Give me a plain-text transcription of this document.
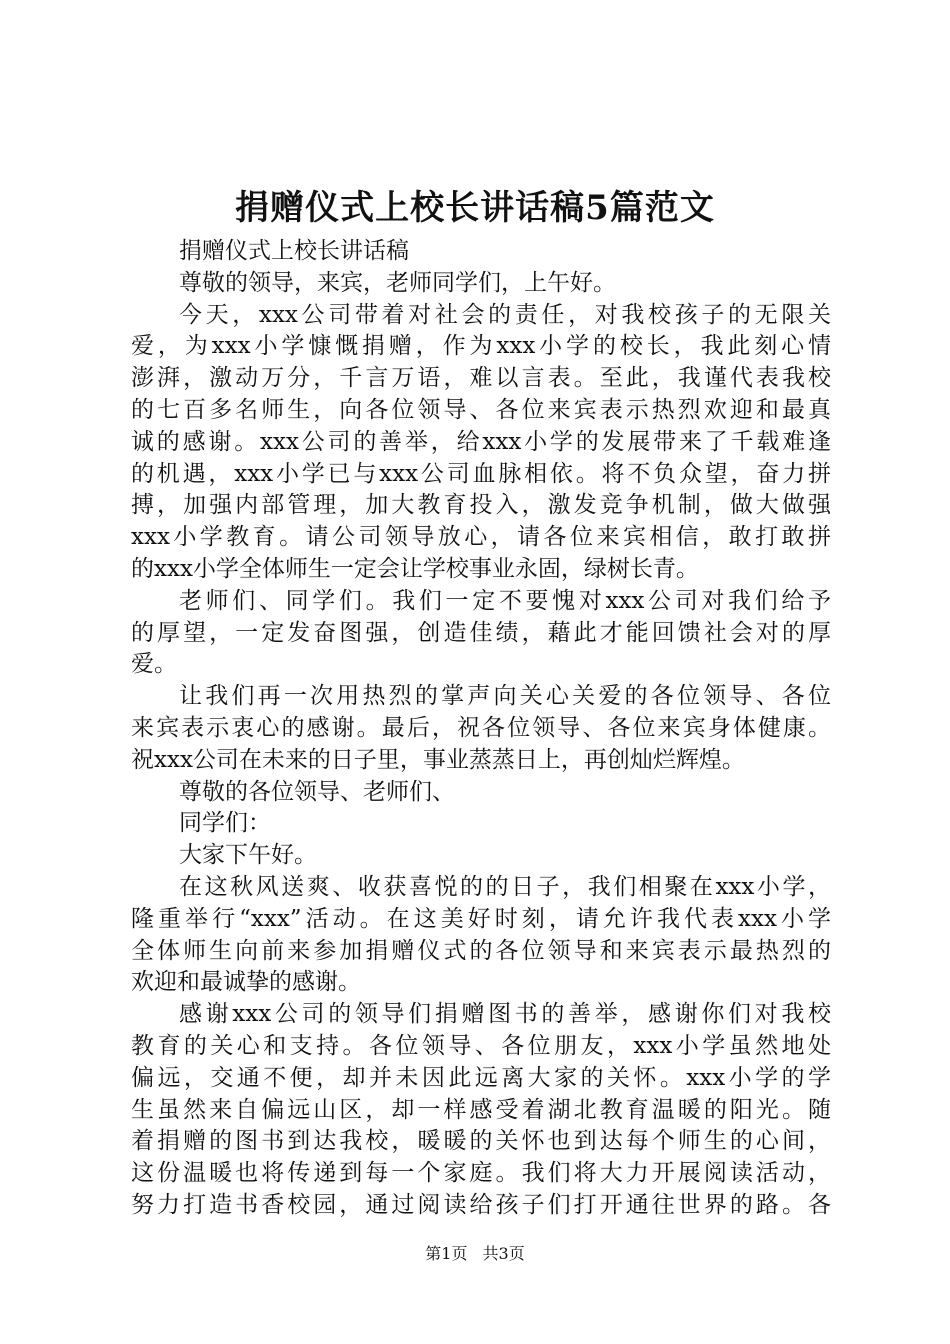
捐赠仪式上校长讲话稿5篇范文
捐赠仪式上校长讲话稿
尊敬的领导，来宾，老师同学们，上午好。
今天，xxx公司带着对社会的责任，对我校孩子的无限关
爱，为xxx小学慷慨捐赠，作为xxx小学的校长，我此刻心情
澎湃，激动万分，千言万语，难以言表。至此，我谨代表我校
的七百多名师生，向各位领导、各位来宾表示热烈欢迎和最真
诚的感谢。xxx公司的善举，给xxx小学的发展带来了千载难逢
的机遇，xxx小学已与xxx公司血脉相依。将不负众望，奋力拼
搏，加强内部管理，加大教育投入，激发竞争机制，做大做强
xxx小学教育。请公司领导放心，请各位来宾相信，敢打敢拼
的xxx小学全体师生一定会让学校事业永固，绿树长青。
老师们、同学们。我们一定不要愧对xxx公司对我们给予
的厚望，一定发奋图强，创造佳绩，藉此才能回馈社会对的厚
爱。
让我们再一次用热烈的掌声向关心关爱的各位领导、各位
来宾表示衷心的感谢。最后，祝各位领导、各位来宾身体健康。
祝xxx公司在未来的日子里，事业蒸蒸日上，再创灿烂辉煌。
尊敬的各位领导、老师们、
同学们：
大家下午好。
在这秋风送爽、收获喜悦的的日子，我们相聚在xxx小学，
隆重举行“xxx”活动。在这美好时刻，请允许我代表xxx小学
全体师生向前来参加捐赠仪式的各位领导和来宾表示最热烈的
欢迎和最诚挚的感谢。
感谢xxx公司的领导们捐赠图书的善举，感谢你们对我校
教育的关心和支持。各位领导、各位朋友，xxx小学虽然地处
偏远，交通不便，却并未因此远离大家的关怀。xxx小学的学
生虽然来自偏远山区，却一样感受着湖北教育温暖的阳光。随
着捐赠的图书到达我校，暖暖的关怀也到达每个师生的心间，
这份温暖也将传递到每一个家庭。我们将大力开展阅读活动，
努力打造书香校园，通过阅读给孩子们打开通往世界的路。各
第1页 共3页
